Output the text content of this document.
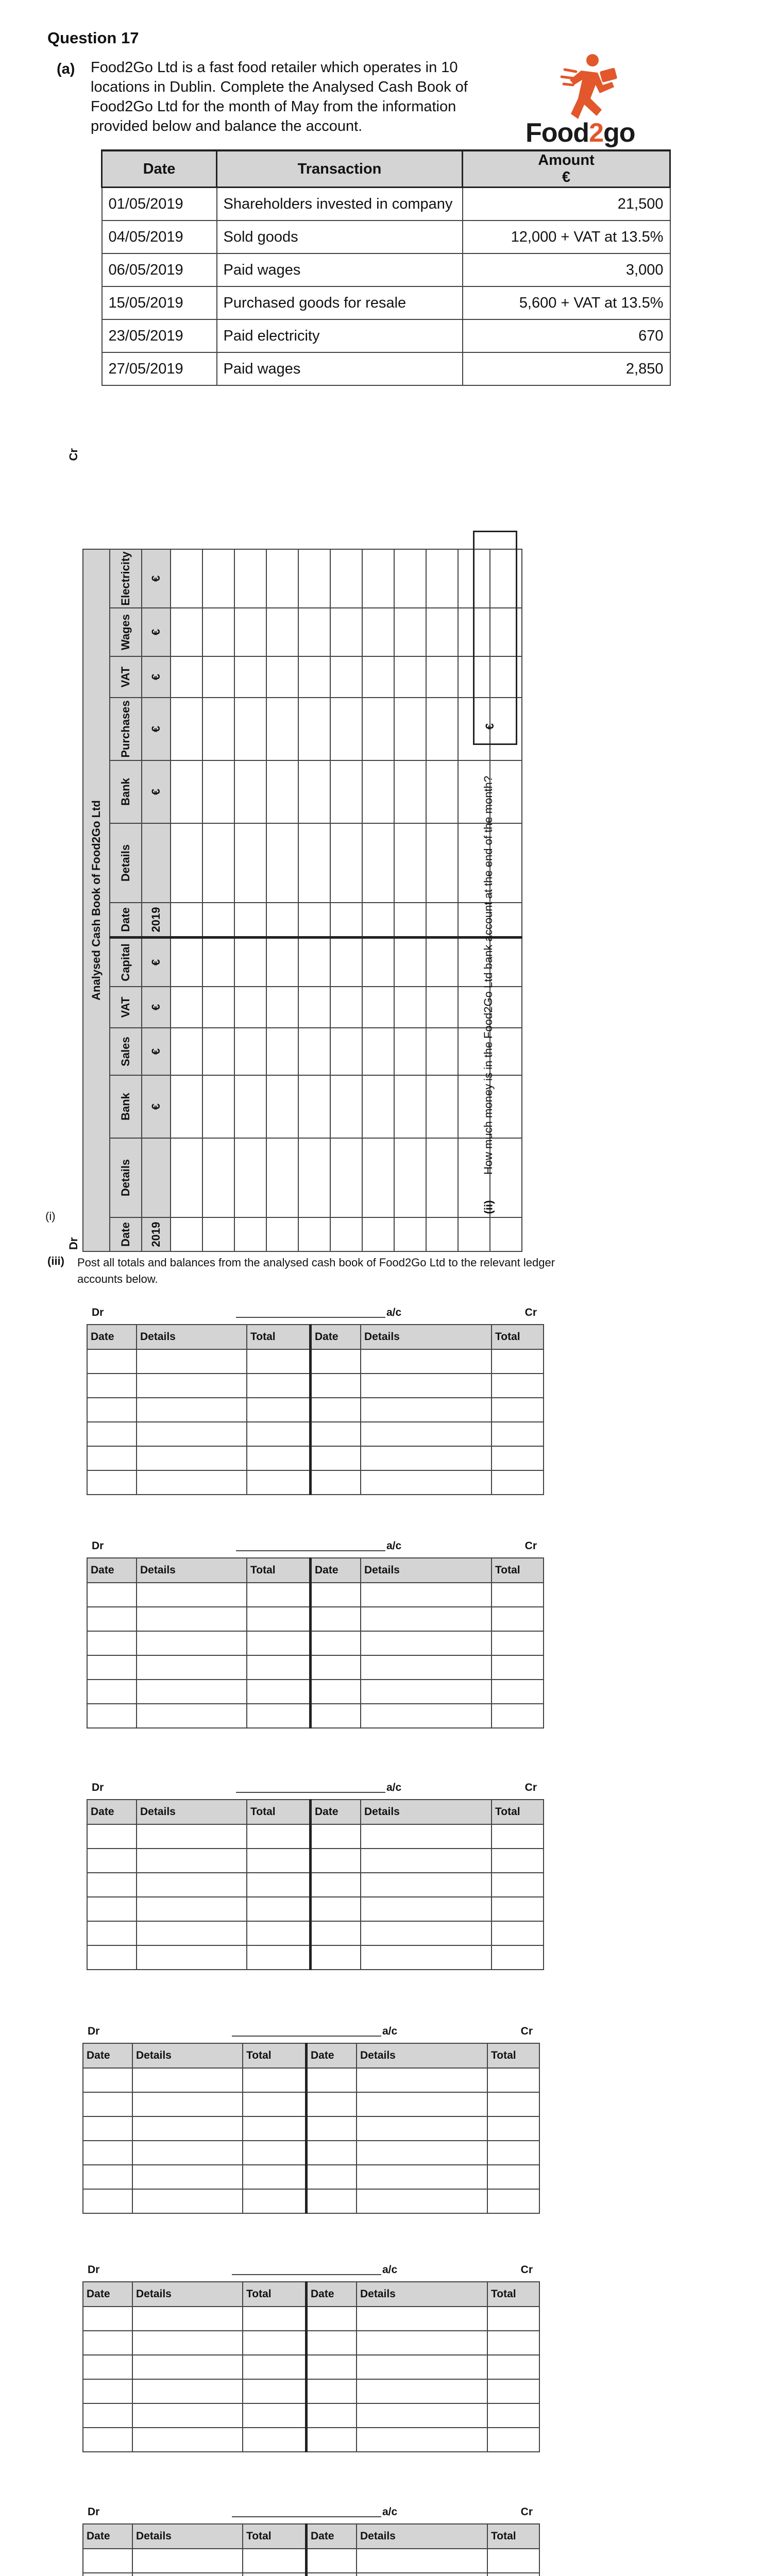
Question 17
(a) Food2Go Ltd is a fast food retailer which operates in 10 locations in Dublin. Complete the Analysed Cash Book of Food2Go Ltd for the month of May from the information provided below and balance the account.	Food2go
Date	Transaction	Amount
€

01/05/2019	Shareholders invested in company	21,500
04/05/2019	Sold goods	12,000 + VAT at 13.5%
06/05/2019	Paid wages	3,000
15/05/2019	Purchased goods for resale	5,600 + VAT at 13.5%
23/05/2019	Paid electricity	670
27/05/2019	Paid wages	2,850
(i)
Dr
Cr
Analysed Cash Book of Food2Go Ltd												
Date	Details	Bank	Sales	VAT	Capital	Date	Details	Bank	Purchases	VAT	Wages	Electricity
2019		€	€	€	€	2019		€	€	€	€	€

€
How much money is in the Food2Go Ltd bank account at the end of the month?
(ii)
(iii) Post all totals and balances from the analysed cash book of Food2Go Ltd to the relevant ledger accounts below.
Dr	a/c	Cr
Date	Details	Total	Date	Details	Total

Dr	a/c	Cr
Date	Details	Total	Date	Details	Total

Dr	a/c	Cr
Date	Details	Total	Date	Details	Total

Dr	a/c	Cr
Date	Details	Total	Date	Details	Total

Dr	a/c	Cr
Date	Details	Total	Date	Details	Total

Dr	a/c	Cr
Date	Details	Total	Date	Details	Total
